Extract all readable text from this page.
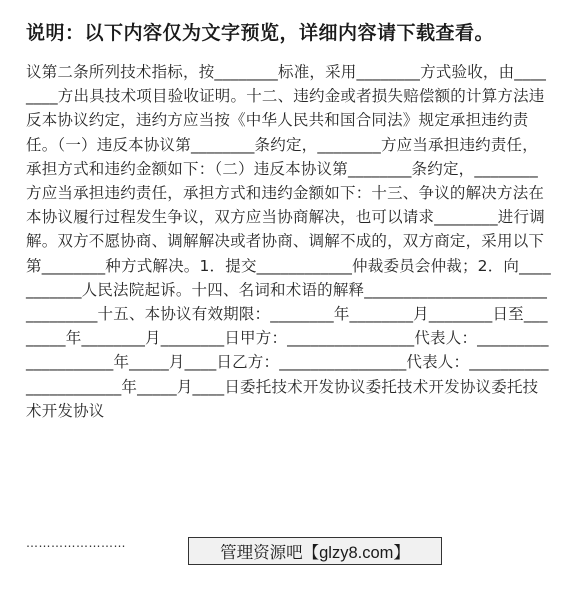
说明：以下内容仅为文字预览，详细内容请下载查看。
议第二条所列技术指标，按________标准，采用________方式验收，由________方出具技术项目验收证明。十二、违约金或者损失赔偿额的计算方法违反本协议约定，违约方应当按《中华人民共和国合同法》规定承担违约责任。（一）违反本协议第________条约定，________方应当承担违约责任，承担方式和违约金额如下：（二）违反本协议第________条约定，________方应当承担违约责任，承担方式和违约金额如下：十三、争议的解决方法在本协议履行过程发生争议，双方应当协商解决，也可以请求________进行调解。双方不愿协商、调解解决或者协商、调解不成的，双方商定，采用以下第________种方式解决。1．提交____________仲裁委员会仲裁；2．向___________人民法院起诉。十四、名词和术语的解释________________________________十五、本协议有效期限：________年________月________日至________年________月________日甲方：________________代表人：____________________年_____月____日乙方：________________代表人：______________________年_____月____日委托技术开发协议委托技术开发协议委托技术开发协议
……………………
管理资源吧【glzy8.com】
